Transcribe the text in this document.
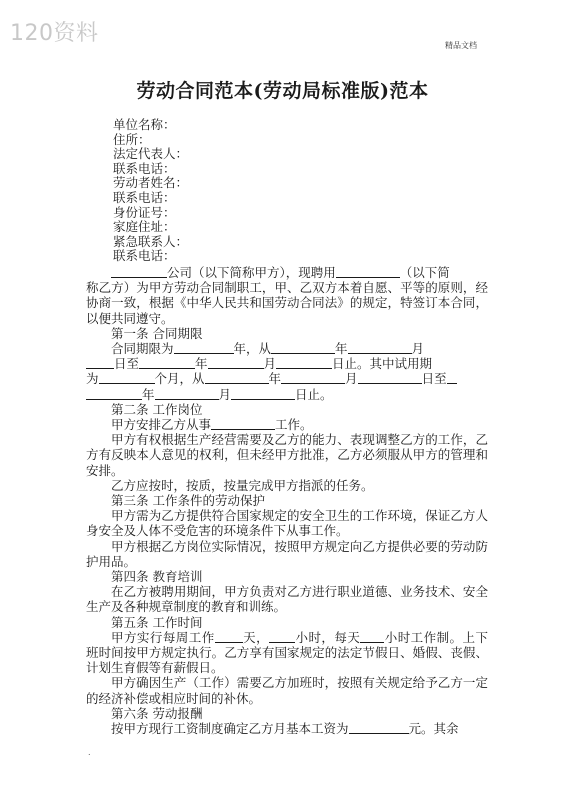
120资料	精品文档
劳动合同范本(劳动局标准版)范本
单位名称：
住所：
法定代表人：
联系电话：
劳动者姓名：
联系电话：
身份证号：
家庭住址：
紧急联系人：
联系电话：
公司（以下简称甲方），现聘用	（以下简
称乙方）为甲方劳动合同制职工，甲、乙双方本着自愿、平等的原则，经协商一致，根据《中华人民共和国劳动合同法》的规定，特签订本合同，以便共同遵守。
第一条 合同期限
合同期限为	年，从	年	月
日至	年	月	日止。其中试用期
为	个月，从	年	月	日至
年	月	日止。
第二条 工作岗位
甲方安排乙方从事	工作。
甲方有权根据生产经营需要及乙方的能力、表现调整乙方的工作，乙方有反映本人意见的权利，但未经甲方批准，乙方必须服从甲方的管理和安排。
乙方应按时，按质，按量完成甲方指派的任务。
第三条 工作条件的劳动保护
甲方需为乙方提供符合国家规定的安全卫生的工作环境，保证乙方人身安全及人体不受危害的环境条件下从事工作。
甲方根据乙方岗位实际情况，按照甲方规定向乙方提供必要的劳动防护用品。
第四条 教育培训
在乙方被聘用期间，甲方负责对乙方进行职业道德、业务技术、安全生产及各种规章制度的教育和训练。
第五条 工作时间
甲方实行每周工作 天， 小时，每天 小时工作制。上下班时间按甲方规定执行。乙方享有国家规定的法定节假日、婚假、丧假、计划生育假等有薪假日。
甲方确因生产（工作）需要乙方加班时，按照有关规定给予乙方一定的经济补偿或相应时间的补休。
第六条 劳动报酬
按甲方现行工资制度确定乙方月基本工资为	元。其余
.
